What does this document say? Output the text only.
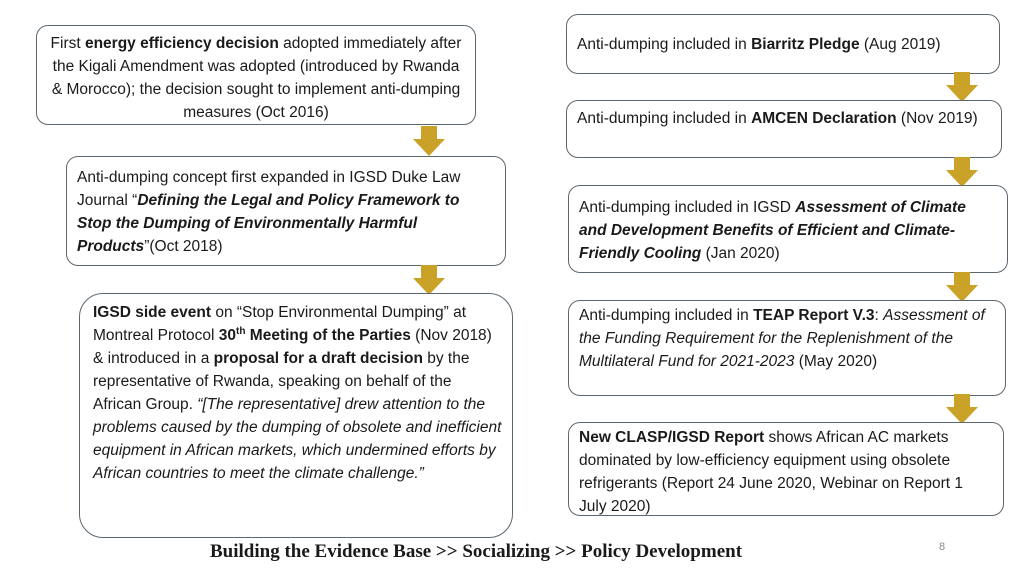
First energy efficiency decision adopted immediately after the Kigali Amendment was adopted (introduced by Rwanda & Morocco); the decision sought to implement anti-dumping measures (Oct 2016)
Anti-dumping concept first expanded in IGSD Duke Law Journal “Defining the Legal and Policy Framework to Stop the Dumping of Environmentally Harmful Products”(Oct 2018)
IGSD side event on “Stop Environmental Dumping” at Montreal Protocol 30th Meeting of the Parties (Nov 2018) & introduced in a proposal for a draft decision by the representative of Rwanda, speaking on behalf of the African Group. “[The representative] drew attention to the problems caused by the dumping of obsolete and inefficient equipment in African markets, which undermined efforts by African countries to meet the climate challenge.”
Anti-dumping included in Biarritz Pledge (Aug 2019)
Anti-dumping included in AMCEN Declaration (Nov 2019)
Anti-dumping included in IGSD Assessment of Climate and Development Benefits of Efficient and Climate-Friendly Cooling (Jan 2020)
Anti-dumping included in TEAP Report V.3: Assessment of the Funding Requirement for the Replenishment of the Multilateral Fund for 2021-2023 (May 2020)
New CLASP/IGSD Report shows African AC markets dominated by low-efficiency equipment using obsolete refrigerants (Report 24 June 2020, Webinar on Report 1 July 2020)
Building the Evidence Base >> Socializing >> Policy Development	8
